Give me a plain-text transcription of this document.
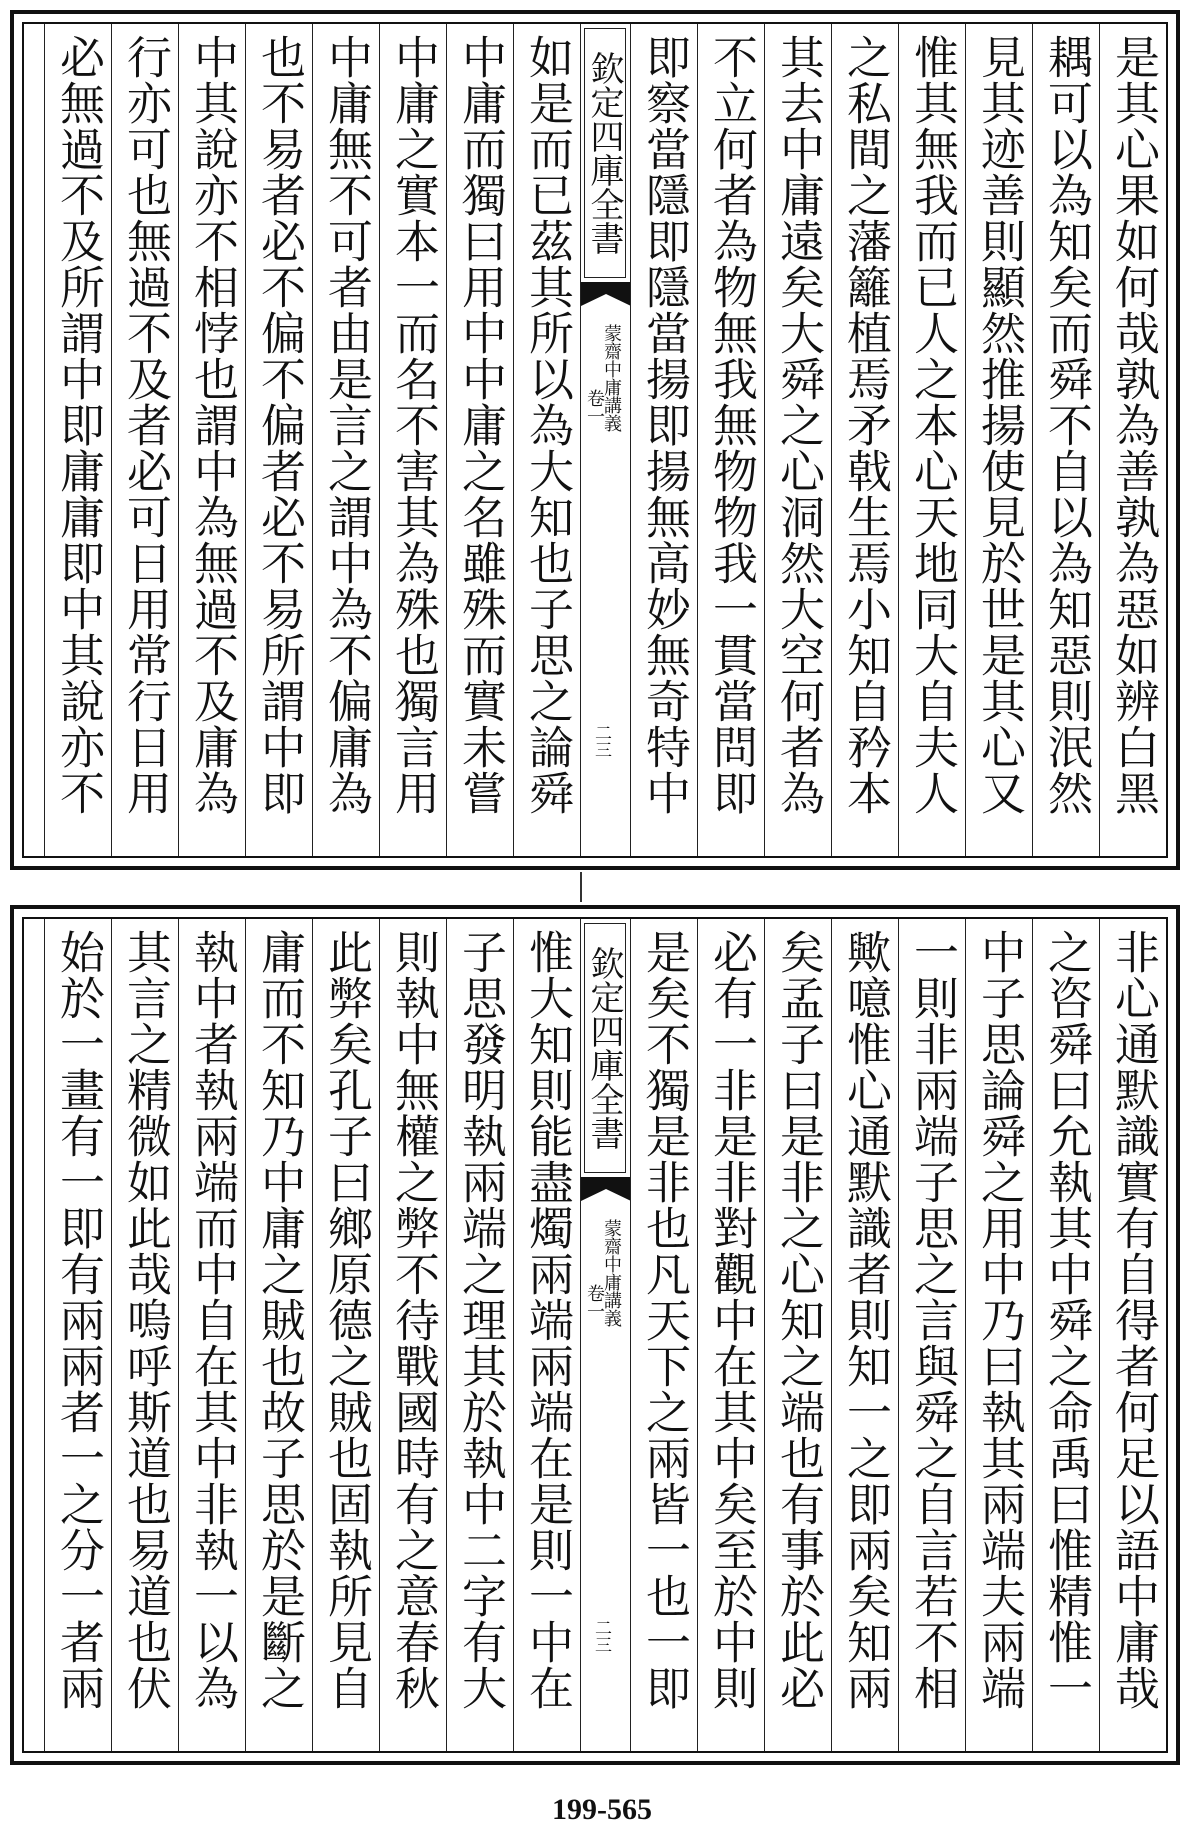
是其心果如何哉孰為善孰為惡如辨白黑
耦可以為知矣而舜不自以為知惡則泯然
見其迹善則顯然推揚使見於世是其心又
惟其無我而已人之本心天地同大自夫人
之私間之藩籬植焉矛戟生焉小知自矜本
其去中庸遠矣大舜之心洞然大空何者為
不立何者為物無我無物物我一貫當問即
即察當隱即隱當揚即揚無高妙無奇特中
欽定四庫全書
蒙齋中庸講義
卷一
二三
如是而已茲其所以為大知也子思之論舜
中庸而獨曰用中中庸之名雖殊而實未嘗
中庸之實本一而名不害其為殊也獨言用
中庸無不可者由是言之謂中為不偏庸為
也不易者必不偏不偏者必不易所謂中即
中其說亦不相悖也謂中為無過不及庸為
行亦可也無過不及者必可日用常行日用
必無過不及所謂中即庸庸即中其說亦不
非心通默識實有自得者何足以語中庸哉
之咨舜曰允執其中舜之命禹曰惟精惟一
中子思論舜之用中乃曰執其兩端夫兩端
一則非兩端子思之言與舜之自言若不相
歟噫惟心通默識者則知一之即兩矣知兩
矣孟子曰是非之心知之端也有事於此必
必有一非是非對觀中在其中矣至於中則
是矣不獨是非也凡天下之兩皆一也一即
欽定四庫全書
蒙齋中庸講義
卷一
二三
惟大知則能盡燭兩端兩端在是則一中在
子思發明執兩端之理其於執中二字有大
則執中無權之弊不待戰國時有之意春秋
此弊矣孔子曰鄉原德之賊也固執所見自
庸而不知乃中庸之賊也故子思於是斷之
執中者執兩端而中自在其中非執一以為
其言之精微如此哉嗚呼斯道也易道也伏
始於一畫有一即有兩兩者一之分一者兩
199-565
